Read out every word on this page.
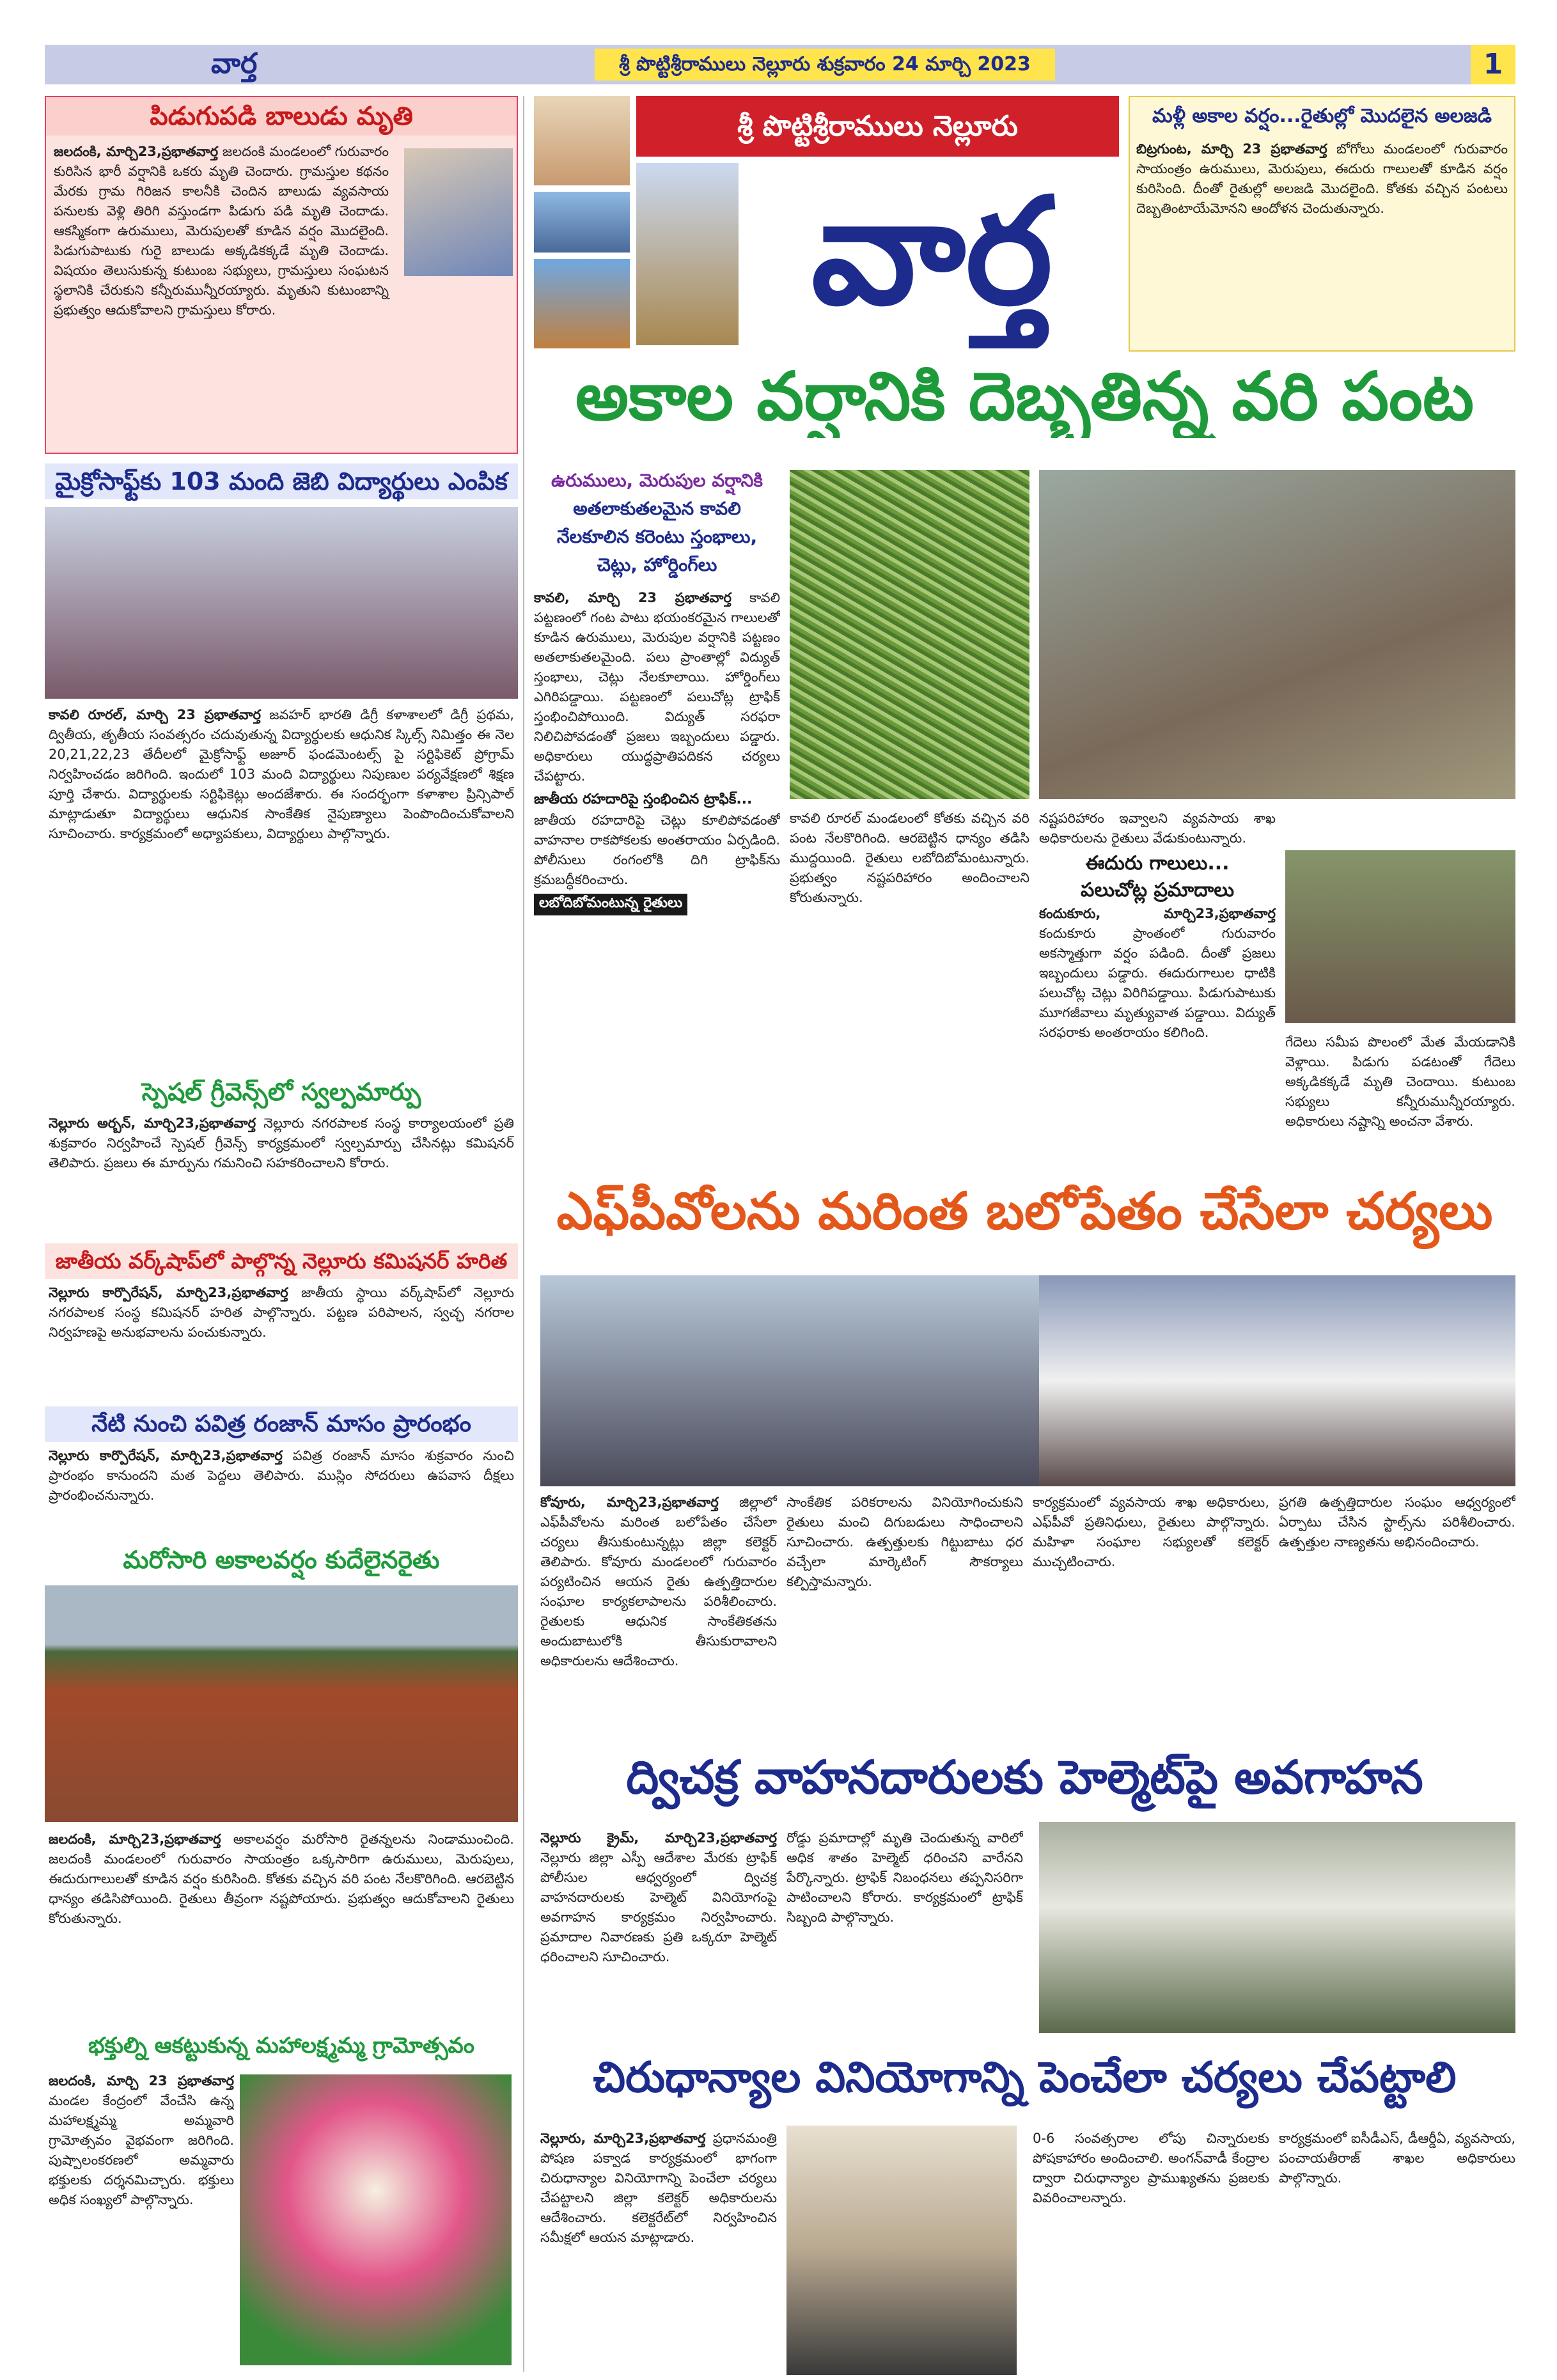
వార్త	శ్రీ పొట్టిశ్రీరాములు నెల్లూరు శుక్రవారం 24 మార్చి 2023	1
పిడుగుపడి బాలుడు మృతి
జలదంకి, మార్చి23,ప్రభాతవార్త జలదంకి మండలంలో గురువారం కురిసిన భారీ వర్షానికి ఒకరు మృతి చెందారు. గ్రామస్తుల కథనం మేరకు గ్రామ గిరిజన కాలనీకి చెందిన బాలుడు వ్యవసాయ పనులకు వెళ్లి తిరిగి వస్తుండగా పిడుగు పడి మృతి చెందాడు. ఆకస్మికంగా ఉరుములు, మెరుపులతో కూడిన వర్షం మొదలైంది. పిడుగుపాటుకు గురై బాలుడు అక్కడికక్కడే మృతి చెందాడు. విషయం తెలుసుకున్న కుటుంబ సభ్యులు, గ్రామస్తులు సంఘటన స్థలానికి చేరుకుని కన్నీరుమున్నీరయ్యారు. మృతుని కుటుంబాన్ని ప్రభుత్వం ఆదుకోవాలని గ్రామస్తులు కోరారు.
మైక్రోసాఫ్ట్‌కు 103 మంది జెబి విద్యార్థులు ఎంపిక
కావలి రూరల్, మార్చి 23 ప్రభాతవార్త జవహర్ భారతి డిగ్రీ కళాశాలలో డిగ్రీ ప్రథమ, ద్వితీయ, తృతీయ సంవత్సరం చదువుతున్న విద్యార్థులకు ఆధునిక స్కిల్స్ నిమిత్తం ఈ నెల 20,21,22,23 తేదీలలో మైక్రోసాఫ్ట్ అజూర్ ఫండమెంటల్స్ పై సర్టిఫికెట్ ప్రోగ్రామ్ నిర్వహించడం జరిగింది. ఇందులో 103 మంది విద్యార్థులు నిపుణుల పర్యవేక్షణలో శిక్షణ పూర్తి చేశారు. విద్యార్థులకు సర్టిఫికెట్లు అందజేశారు. ఈ సందర్భంగా కళాశాల ప్రిన్సిపాల్ మాట్లాడుతూ విద్యార్థులు ఆధునిక సాంకేతిక నైపుణ్యాలు పెంపొందించుకోవాలని సూచించారు. కార్యక్రమంలో అధ్యాపకులు, విద్యార్థులు పాల్గొన్నారు.
స్పెషల్ గ్రీవెన్స్‌లో స్వల్పమార్పు
నెల్లూరు అర్బన్, మార్చి23,ప్రభాతవార్త నెల్లూరు నగరపాలక సంస్థ కార్యాలయంలో ప్రతి శుక్రవారం నిర్వహించే స్పెషల్ గ్రీవెన్స్ కార్యక్రమంలో స్వల్పమార్పు చేసినట్లు కమిషనర్ తెలిపారు. ప్రజలు ఈ మార్పును గమనించి సహకరించాలని కోరారు.
జాతీయ వర్క్‌షాప్‌లో పాల్గొన్న నెల్లూరు కమిషనర్ హరిత
నెల్లూరు కార్పొరేషన్, మార్చి23,ప్రభాతవార్త జాతీయ స్థాయి వర్క్‌షాప్‌లో నెల్లూరు నగరపాలక సంస్థ కమిషనర్ హరిత పాల్గొన్నారు. పట్టణ పరిపాలన, స్వచ్ఛ నగరాల నిర్వహణపై అనుభవాలను పంచుకున్నారు.
నేటి నుంచి పవిత్ర రంజాన్ మాసం ప్రారంభం
నెల్లూరు కార్పొరేషన్, మార్చి23,ప్రభాతవార్త పవిత్ర రంజాన్ మాసం శుక్రవారం నుంచి ప్రారంభం కానుందని మత పెద్దలు తెలిపారు. ముస్లిం సోదరులు ఉపవాస దీక్షలు ప్రారంభించనున్నారు.
మరోసారి అకాలవర్షం కుదేలైనరైతు
జలదంకి, మార్చి23,ప్రభాతవార్త అకాలవర్షం మరోసారి రైతన్నలను నిండాముంచింది. జలదంకి మండలంలో గురువారం సాయంత్రం ఒక్కసారిగా ఉరుములు, మెరుపులు, ఈదురుగాలులతో కూడిన వర్షం కురిసింది. కోతకు వచ్చిన వరి పంట నేలకొరిగింది. ఆరబెట్టిన ధాన్యం తడిసిపోయింది. రైతులు తీవ్రంగా నష్టపోయారు. ప్రభుత్వం ఆదుకోవాలని రైతులు కోరుతున్నారు.
భక్తుల్ని ఆకట్టుకున్న మహాలక్ష్మమ్మ గ్రామోత్సవం
జలదంకి, మార్చి 23 ప్రభాతవార్త మండల కేంద్రంలో వేంచేసి ఉన్న మహాలక్ష్మమ్మ అమ్మవారి గ్రామోత్సవం వైభవంగా జరిగింది. పుష్పాలంకరణలో అమ్మవారు భక్తులకు దర్శనమిచ్చారు. భక్తులు అధిక సంఖ్యలో పాల్గొన్నారు.
శ్రీ పొట్టిశ్రీరాములు నెల్లూరు
వార్త
మళ్లీ అకాల వర్షం...రైతుల్లో మొదలైన అలజడి
బిట్రగుంట, మార్చి 23 ప్రభాతవార్త బోగోలు మండలంలో గురువారం సాయంత్రం ఉరుములు, మెరుపులు, ఈదురు గాలులతో కూడిన వర్షం కురిసింది. దీంతో రైతుల్లో అలజడి మొదలైంది. కోతకు వచ్చిన పంటలు దెబ్బతింటాయేమోనని ఆందోళన చెందుతున్నారు.
అకాల వర్షానికి దెబ్బతిన్న వరి పంట
ఉరుములు, మెరుపుల వర్షానికి
అతలాకుతలమైన కావలి
నేలకూలిన కరెంటు స్తంభాలు,
చెట్లు, హోర్డింగ్‌లు
కావలి, మార్చి 23 ప్రభాతవార్త కావలి పట్టణంలో గంట పాటు భయంకరమైన గాలులతో కూడిన ఉరుములు, మెరుపుల వర్షానికి పట్టణం అతలాకుతలమైంది. పలు ప్రాంతాల్లో విద్యుత్ స్తంభాలు, చెట్లు నేలకూలాయి. హోర్డింగ్‌లు ఎగిరిపడ్డాయి. పట్టణంలో పలుచోట్ల ట్రాఫిక్ స్తంభించిపోయింది. విద్యుత్ సరఫరా నిలిచిపోవడంతో ప్రజలు ఇబ్బందులు పడ్డారు. అధికారులు యుద్ధప్రాతిపదికన చర్యలు చేపట్టారు.
జాతీయ రహదారిపై స్తంభించిన ట్రాఫిక్...
జాతీయ రహదారిపై చెట్లు కూలిపోవడంతో వాహనాల రాకపోకలకు అంతరాయం ఏర్పడింది. పోలీసులు రంగంలోకి దిగి ట్రాఫిక్‌ను క్రమబద్ధీకరించారు.
లబోదిబోమంటున్న రైతులు
కావలి రూరల్ మండలంలో కోతకు వచ్చిన వరి పంట నేలకొరిగింది. ఆరబెట్టిన ధాన్యం తడిసి ముద్దయింది. రైతులు లబోదిబోమంటున్నారు. ప్రభుత్వం నష్టపరిహారం అందించాలని కోరుతున్నారు.
నష్టపరిహారం ఇవ్వాలని వ్యవసాయ శాఖ అధికారులను రైతులు వేడుకుంటున్నారు.
ఈదురు గాలులు...
పలుచోట్ల ప్రమాదాలు
కందుకూరు, మార్చి23,ప్రభాతవార్త కందుకూరు ప్రాంతంలో గురువారం అకస్మాత్తుగా వర్షం పడింది. దీంతో ప్రజలు ఇబ్బందులు పడ్డారు. ఈదురుగాలుల ధాటికి పలుచోట్ల చెట్లు విరిగిపడ్డాయి. పిడుగుపాటుకు మూగజీవాలు మృత్యువాత పడ్డాయి. విద్యుత్ సరఫరాకు అంతరాయం కలిగింది.
గేదెలు సమీప పొలంలో మేత మేయడానికి వెళ్లాయి. పిడుగు పడటంతో గేదెలు అక్కడికక్కడే మృతి చెందాయి. కుటుంబ సభ్యులు కన్నీరుమున్నీరయ్యారు. అధికారులు నష్టాన్ని అంచనా వేశారు.
ఎఫ్‌పీవోలను మరింత బలోపేతం చేసేలా చర్యలు
కోవూరు, మార్చి23,ప్రభాతవార్త జిల్లాలో ఎఫ్‌పీవోలను మరింత బలోపేతం చేసేలా చర్యలు తీసుకుంటున్నట్లు జిల్లా కలెక్టర్ తెలిపారు. కోవూరు మండలంలో గురువారం పర్యటించిన ఆయన రైతు ఉత్పత్తిదారుల సంఘాల కార్యకలాపాలను పరిశీలించారు. రైతులకు ఆధునిక సాంకేతికతను అందుబాటులోకి తీసుకురావాలని అధికారులను ఆదేశించారు.
సాంకేతిక పరికరాలను వినియోగించుకుని రైతులు మంచి దిగుబడులు సాధించాలని సూచించారు. ఉత్పత్తులకు గిట్టుబాటు ధర వచ్చేలా మార్కెటింగ్ సౌకర్యాలు కల్పిస్తామన్నారు.
కార్యక్రమంలో వ్యవసాయ శాఖ అధికారులు, ఎఫ్‌పీవో ప్రతినిధులు, రైతులు పాల్గొన్నారు. మహిళా సంఘాల సభ్యులతో కలెక్టర్ ముచ్చటించారు.
ప్రగతి ఉత్పత్తిదారుల సంఘం ఆధ్వర్యంలో ఏర్పాటు చేసిన స్టాల్స్‌ను పరిశీలించారు. ఉత్పత్తుల నాణ్యతను అభినందించారు.
ద్విచక్ర వాహనదారులకు హెల్మెట్‌పై అవగాహన
నెల్లూరు క్రైమ్, మార్చి23,ప్రభాతవార్త నెల్లూరు జిల్లా ఎస్పీ ఆదేశాల మేరకు ట్రాఫిక్ పోలీసుల ఆధ్వర్యంలో ద్విచక్ర వాహనదారులకు హెల్మెట్ వినియోగంపై అవగాహన కార్యక్రమం నిర్వహించారు. ప్రమాదాల నివారణకు ప్రతి ఒక్కరూ హెల్మెట్ ధరించాలని సూచించారు.
రోడ్డు ప్రమాదాల్లో మృతి చెందుతున్న వారిలో అధిక శాతం హెల్మెట్ ధరించని వారేనని పేర్కొన్నారు. ట్రాఫిక్ నిబంధనలు తప్పనిసరిగా పాటించాలని కోరారు. కార్యక్రమంలో ట్రాఫిక్ సిబ్బంది పాల్గొన్నారు.
చిరుధాన్యాల వినియోగాన్ని పెంచేలా చర్యలు చేపట్టాలి
నెల్లూరు, మార్చి23,ప్రభాతవార్త ప్రధానమంత్రి పోషణ పక్వాడ కార్యక్రమంలో భాగంగా చిరుధాన్యాల వినియోగాన్ని పెంచేలా చర్యలు చేపట్టాలని జిల్లా కలెక్టర్ అధికారులను ఆదేశించారు. కలెక్టరేట్‌లో నిర్వహించిన సమీక్షలో ఆయన మాట్లాడారు.
0-6 సంవత్సరాల లోపు చిన్నారులకు పోషకాహారం అందించాలి. అంగన్‌వాడీ కేంద్రాల ద్వారా చిరుధాన్యాల ప్రాముఖ్యతను ప్రజలకు వివరించాలన్నారు.
కార్యక్రమంలో ఐసీడీఎస్, డీఆర్డీఏ, వ్యవసాయ, పంచాయతీరాజ్ శాఖల అధికారులు పాల్గొన్నారు.
